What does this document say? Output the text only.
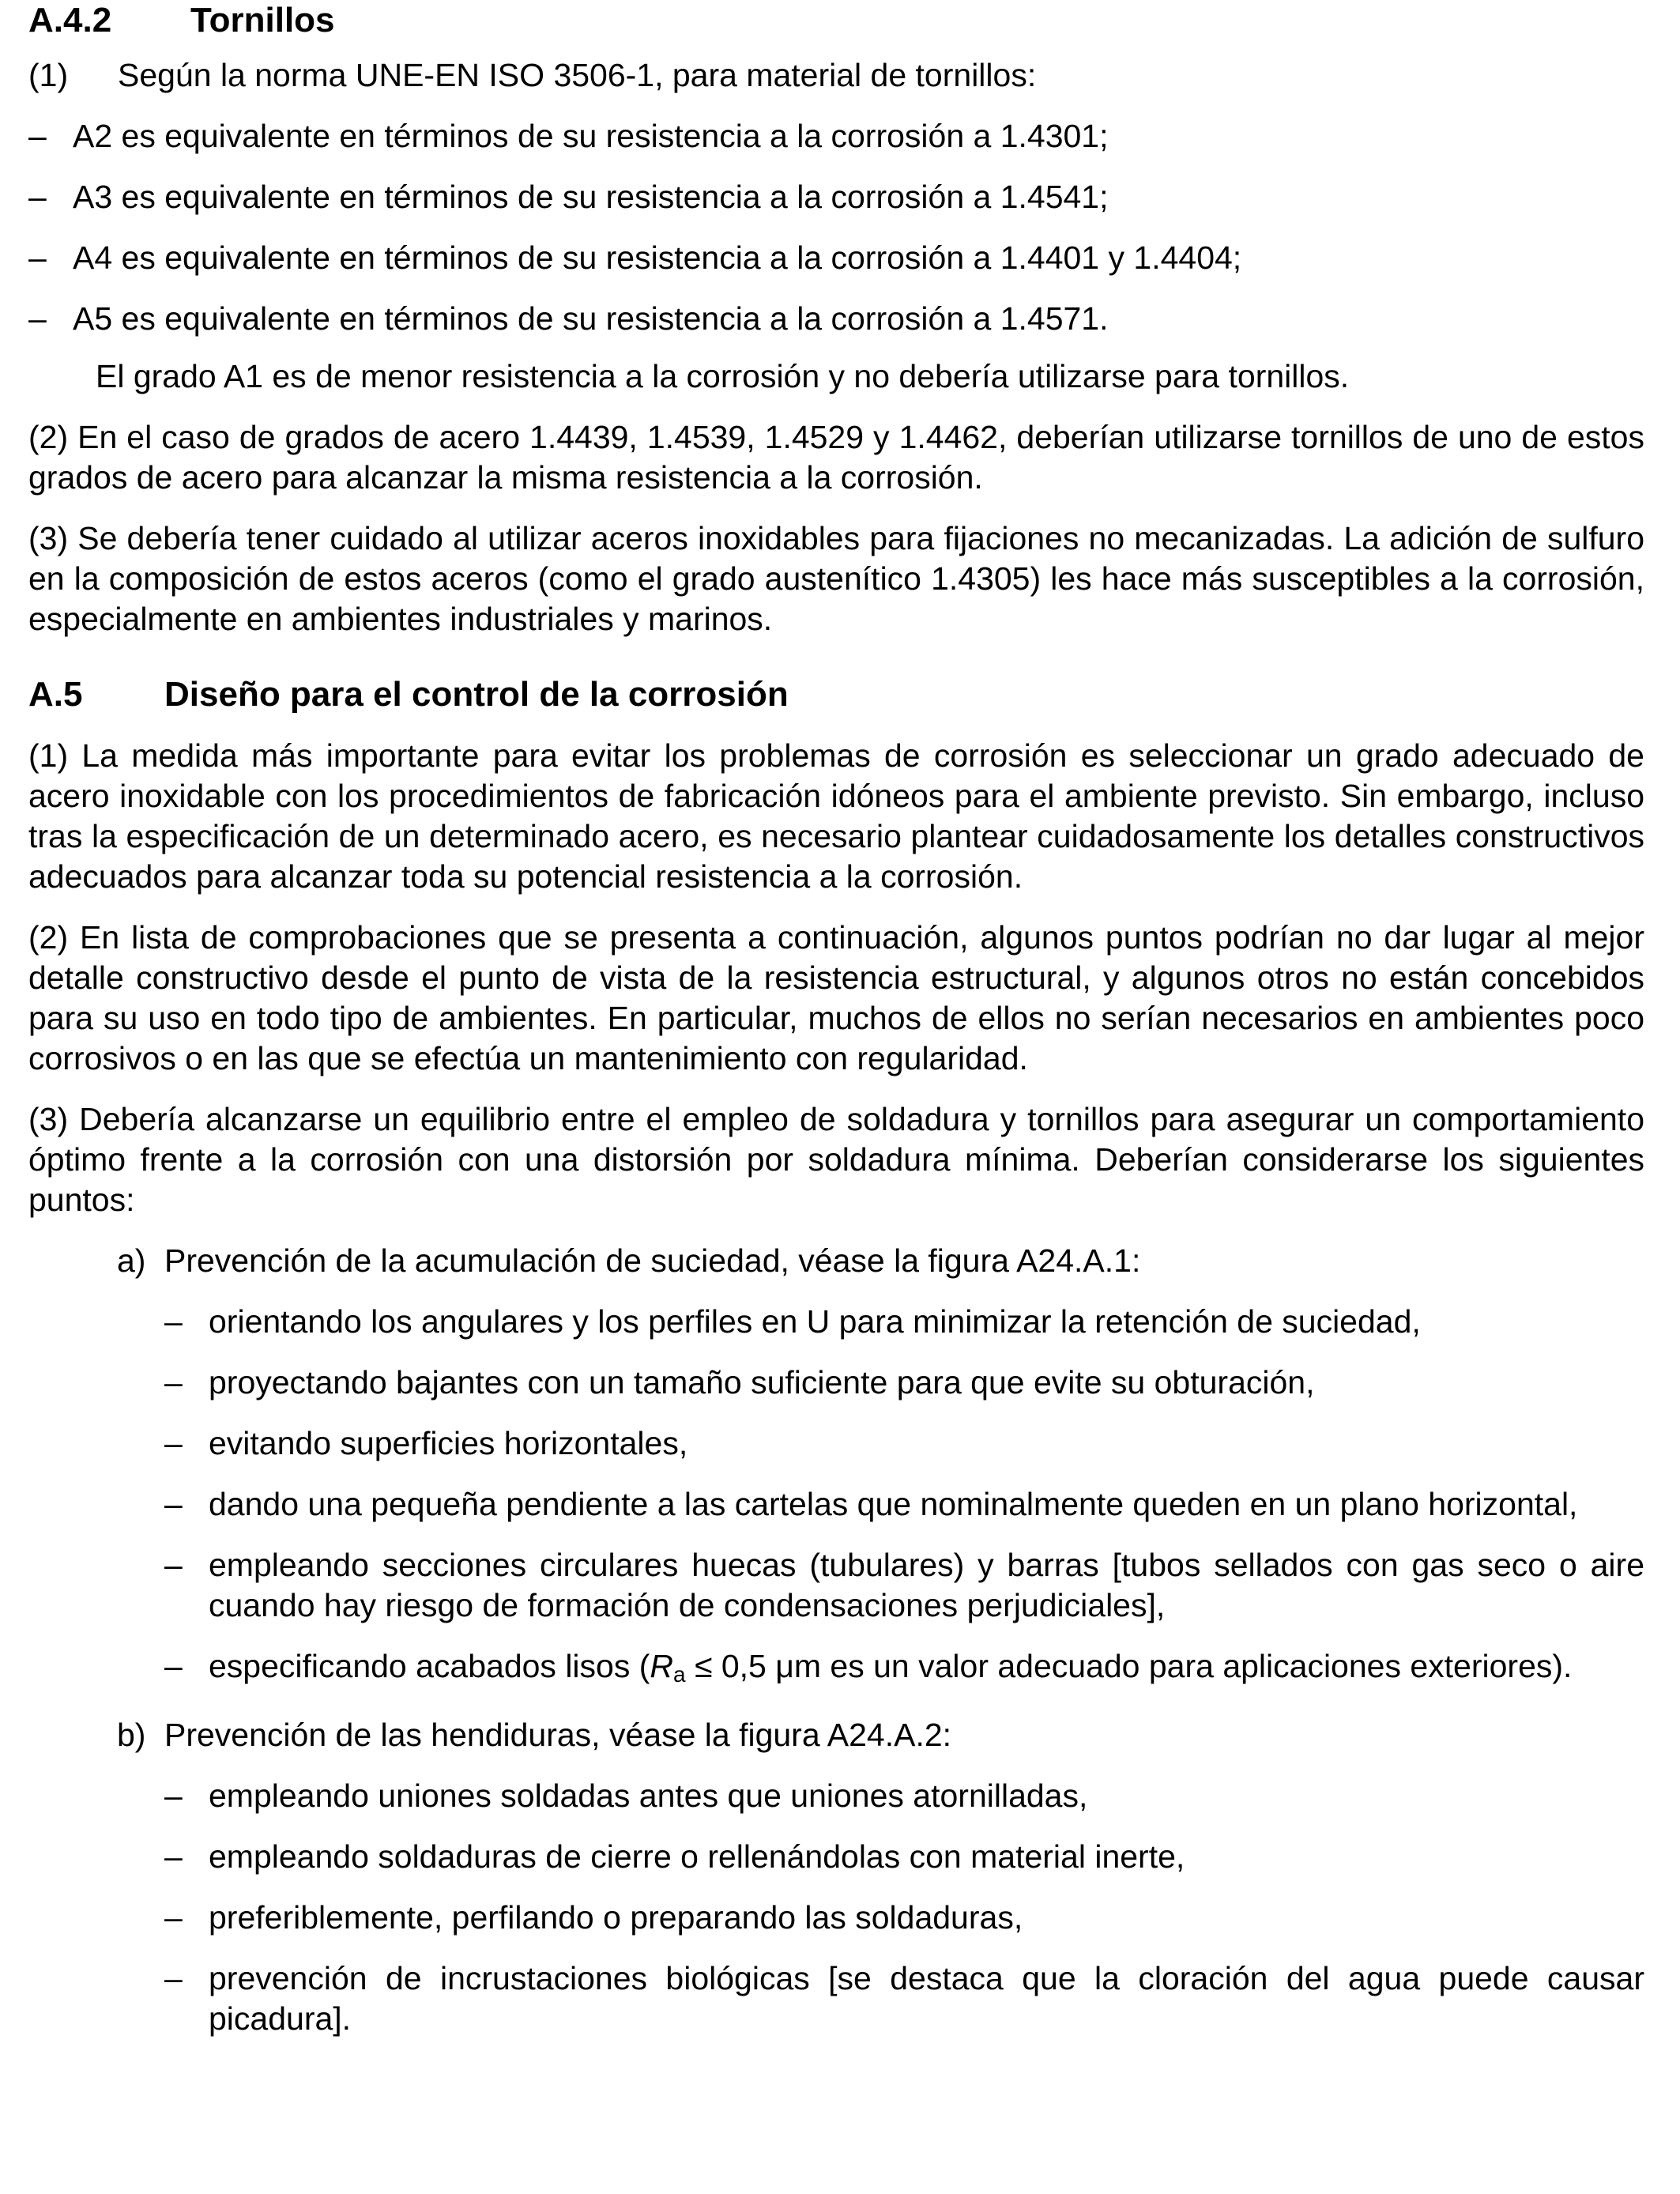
A.4.2	Tornillos

(1) Según la norma UNE-EN ISO 3506-1, para material de tornillos:

– A2 es equivalente en términos de su resistencia a la corrosión a 1.4301;
– A3 es equivalente en términos de su resistencia a la corrosión a 1.4541;
– A4 es equivalente en términos de su resistencia a la corrosión a 1.4401 y 1.4404;
– A5 es equivalente en términos de su resistencia a la corrosión a 1.4571.

El grado A1 es de menor resistencia a la corrosión y no debería utilizarse para tornillos.

(2) En el caso de grados de acero 1.4439, 1.4539, 1.4529 y 1.4462, deberían utilizarse tornillos de uno de estos grados de acero para alcanzar la misma resistencia a la corrosión.

(3) Se debería tener cuidado al utilizar aceros inoxidables para fijaciones no mecanizadas. La adición de sulfuro en la composición de estos aceros (como el grado austenítico 1.4305) les hace más susceptibles a la corrosión, especialmente en ambientes industriales y marinos.

A.5	Diseño para el control de la corrosión

(1) La medida más importante para evitar los problemas de corrosión es seleccionar un grado adecuado de acero inoxidable con los procedimientos de fabricación idóneos para el ambiente previsto. Sin embargo, incluso tras la especificación de un determinado acero, es necesario plantear cuidadosamente los detalles constructivos adecuados para alcanzar toda su potencial resistencia a la corrosión.

(2) En lista de comprobaciones que se presenta a continuación, algunos puntos podrían no dar lugar al mejor detalle constructivo desde el punto de vista de la resistencia estructural, y algunos otros no están concebidos para su uso en todo tipo de ambientes. En particular, muchos de ellos no serían necesarios en ambientes poco corrosivos o en las que se efectúa un mantenimiento con regularidad.

(3) Debería alcanzarse un equilibrio entre el empleo de soldadura y tornillos para asegurar un comportamiento óptimo frente a la corrosión con una distorsión por soldadura mínima. Deberían considerarse los siguientes puntos:

a) Prevención de la acumulación de suciedad, véase la figura A24.A.1:
– orientando los angulares y los perfiles en U para minimizar la retención de suciedad,
– proyectando bajantes con un tamaño suficiente para que evite su obturación,
– evitando superficies horizontales,
– dando una pequeña pendiente a las cartelas que nominalmente queden en un plano horizontal,
– empleando secciones circulares huecas (tubulares) y barras [tubos sellados con gas seco o aire cuando hay riesgo de formación de condensaciones perjudiciales],
– especificando acabados lisos ($R_a \le 0,5$ μm es un valor adecuado para aplicaciones exteriores).
b) Prevención de las hendiduras, véase la figura A24.A.2:
– empleando uniones soldadas antes que uniones atornilladas,
– empleando soldaduras de cierre o rellenándolas con material inerte,
– preferiblemente, perfilando o preparando las soldaduras,
– prevención de incrustaciones biológicas [se destaca que la cloración del agua puede causar picadura].
